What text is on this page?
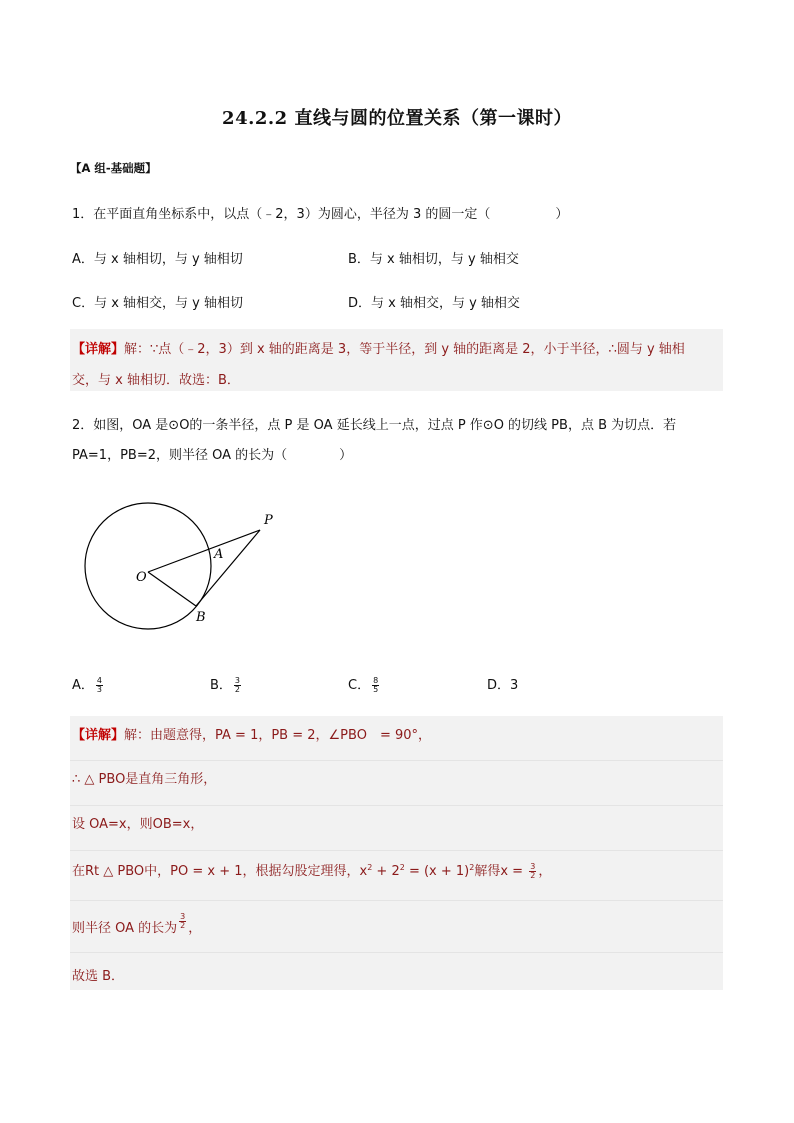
24.2.2 直线与圆的位置关系（第一课时）
【A 组-基础题】
1．在平面直角坐标系中，以点（﹣2，3）为圆心，半径为 3 的圆一定（　　　　　）
A．与 x 轴相切，与 y 轴相切	B．与 x 轴相切，与 y 轴相交
C．与 x 轴相交，与 y 轴相切	D．与 x 轴相交，与 y 轴相交
【详解】解：∵点（﹣2，3）到 x 轴的距离是 3，等于半径，到 y 轴的距离是 2，小于半径，∴圆与 y 轴相
交，与 x 轴相切．故选：B．
2．如图，OA 是⊙O的一条半径，点 P 是 OA 延长线上一点，过点 P 作⊙O 的切线 PB，点 B 为切点．若
PA=1，PB=2，则半径 OA 的长为（　　　　）
P
A
O
B
A． $\frac{4}{3}$	B． $\frac{3}{2}$	C． $\frac{8}{5}$	D．3
【详解】解：由题意得，PA = 1，PB = 2，∠PBO　= 90°，
∴ △ PBO是直角三角形，
设 OA=x，则OB=x，
在Rt △ PBO中，PO = x + 1，根据勾股定理得，$x^2 + 2^2 = (x + 1)^2$解得$x = \frac{3}{2}$ ，
则半径 OA 的长为 $\frac{3}{2}$ ，
故选 B．
